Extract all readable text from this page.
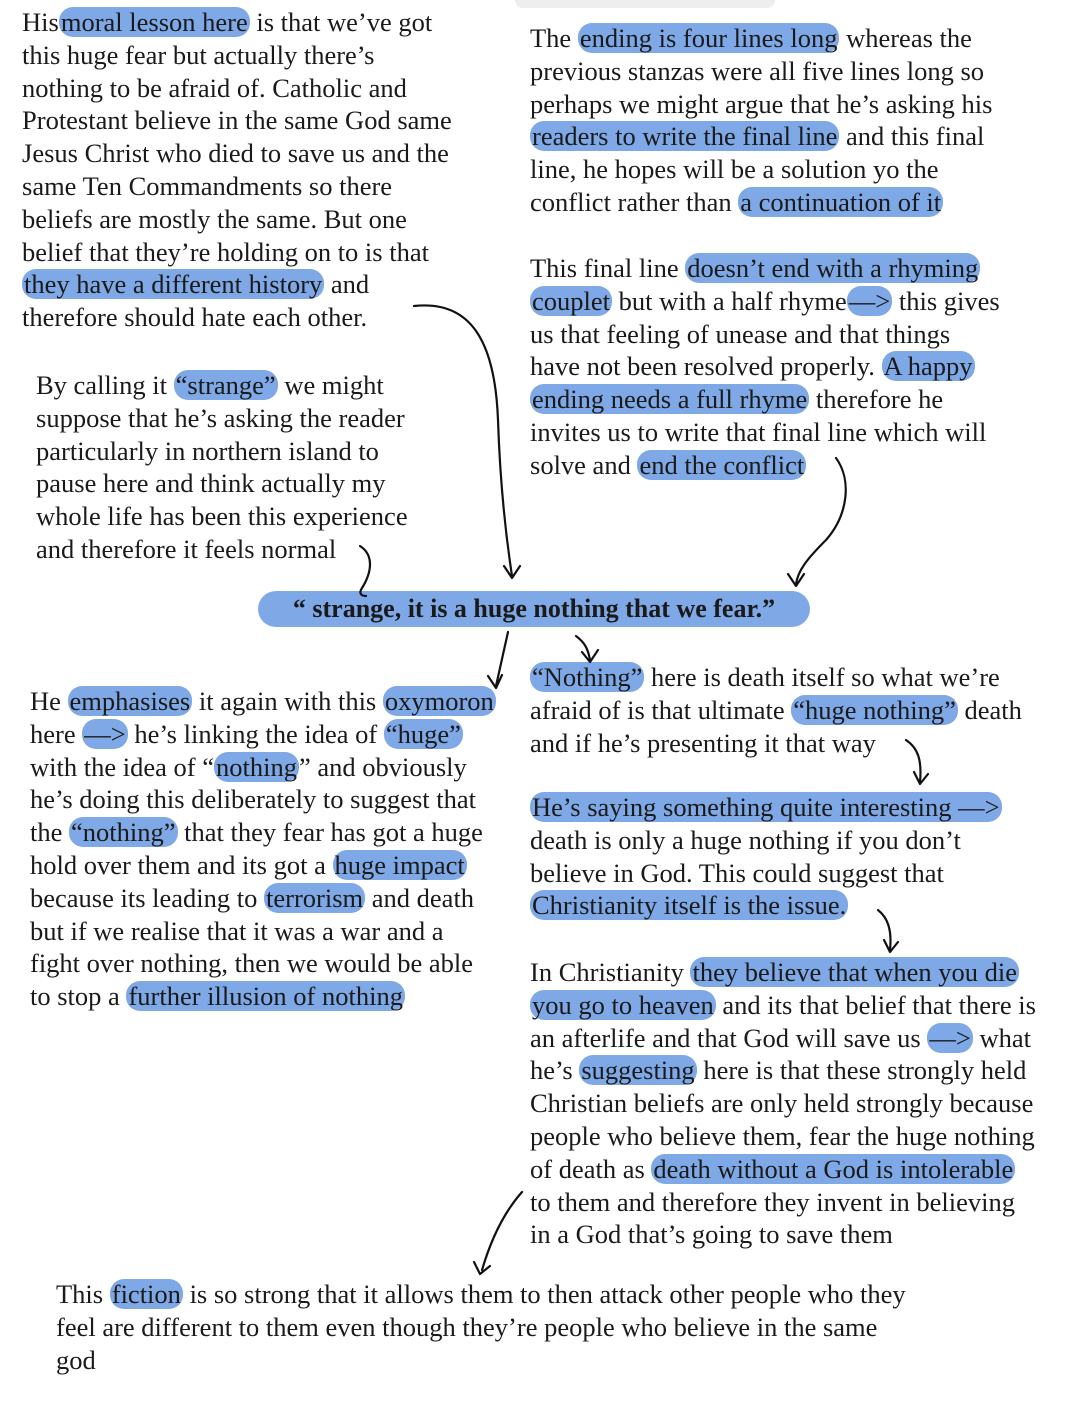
Hismoral lesson here is that we’ve got
this huge fear but actually there’s
nothing to be afraid of. Catholic and
Protestant believe in the same God same
Jesus Christ who died to save us and the
same Ten Commandments so there
beliefs are mostly the same. But one
belief that they’re holding on to is that
they have a different history and
therefore should hate each other.
The ending is four lines long whereas the
previous stanzas were all five lines long so
perhaps we might argue that he’s asking his
readers to write the final line and this final
line, he hopes will be a solution yo the
conflict rather than a continuation of it
This final line doesn’t end with a rhyming
couplet but with a half rhyme—> this gives
us that feeling of unease and that things
have not been resolved properly. A happy
ending needs a full rhyme therefore he
invites us to write that final line which will
solve and end the conflict
By calling it “strange” we might
suppose that he’s asking the reader
particularly in northern island to
pause here and think actually my
whole life has been this experience
and therefore it feels normal
“ strange, it is a huge nothing that we fear.”
He emphasises it again with this oxymoron
here —> he’s linking the idea of “huge”
with the idea of “nothing” and obviously
he’s doing this deliberately to suggest that
the “nothing” that they fear has got a huge
hold over them and its got a huge impact
because its leading to terrorism and death
but if we realise that it was a war and a
fight over nothing, then we would be able
to stop a further illusion of nothing
“Nothing” here is death itself so what we’re
afraid of is that ultimate “huge nothing” death
and if he’s presenting it that way
He’s saying something quite interesting —>
death is only a huge nothing if you don’t
believe in God. This could suggest that
Christianity itself is the issue.
In Christianity they believe that when you die
you go to heaven and its that belief that there is
an afterlife and that God will save us —> what
he’s suggesting here is that these strongly held
Christian beliefs are only held strongly because
people who believe them, fear the huge nothing
of death as death without a God is intolerable
to them and therefore they invent in believing
in a God that’s going to save them
This fiction is so strong that it allows them to then attack other people who they
feel are different to them even though they’re people who believe in the same
god
